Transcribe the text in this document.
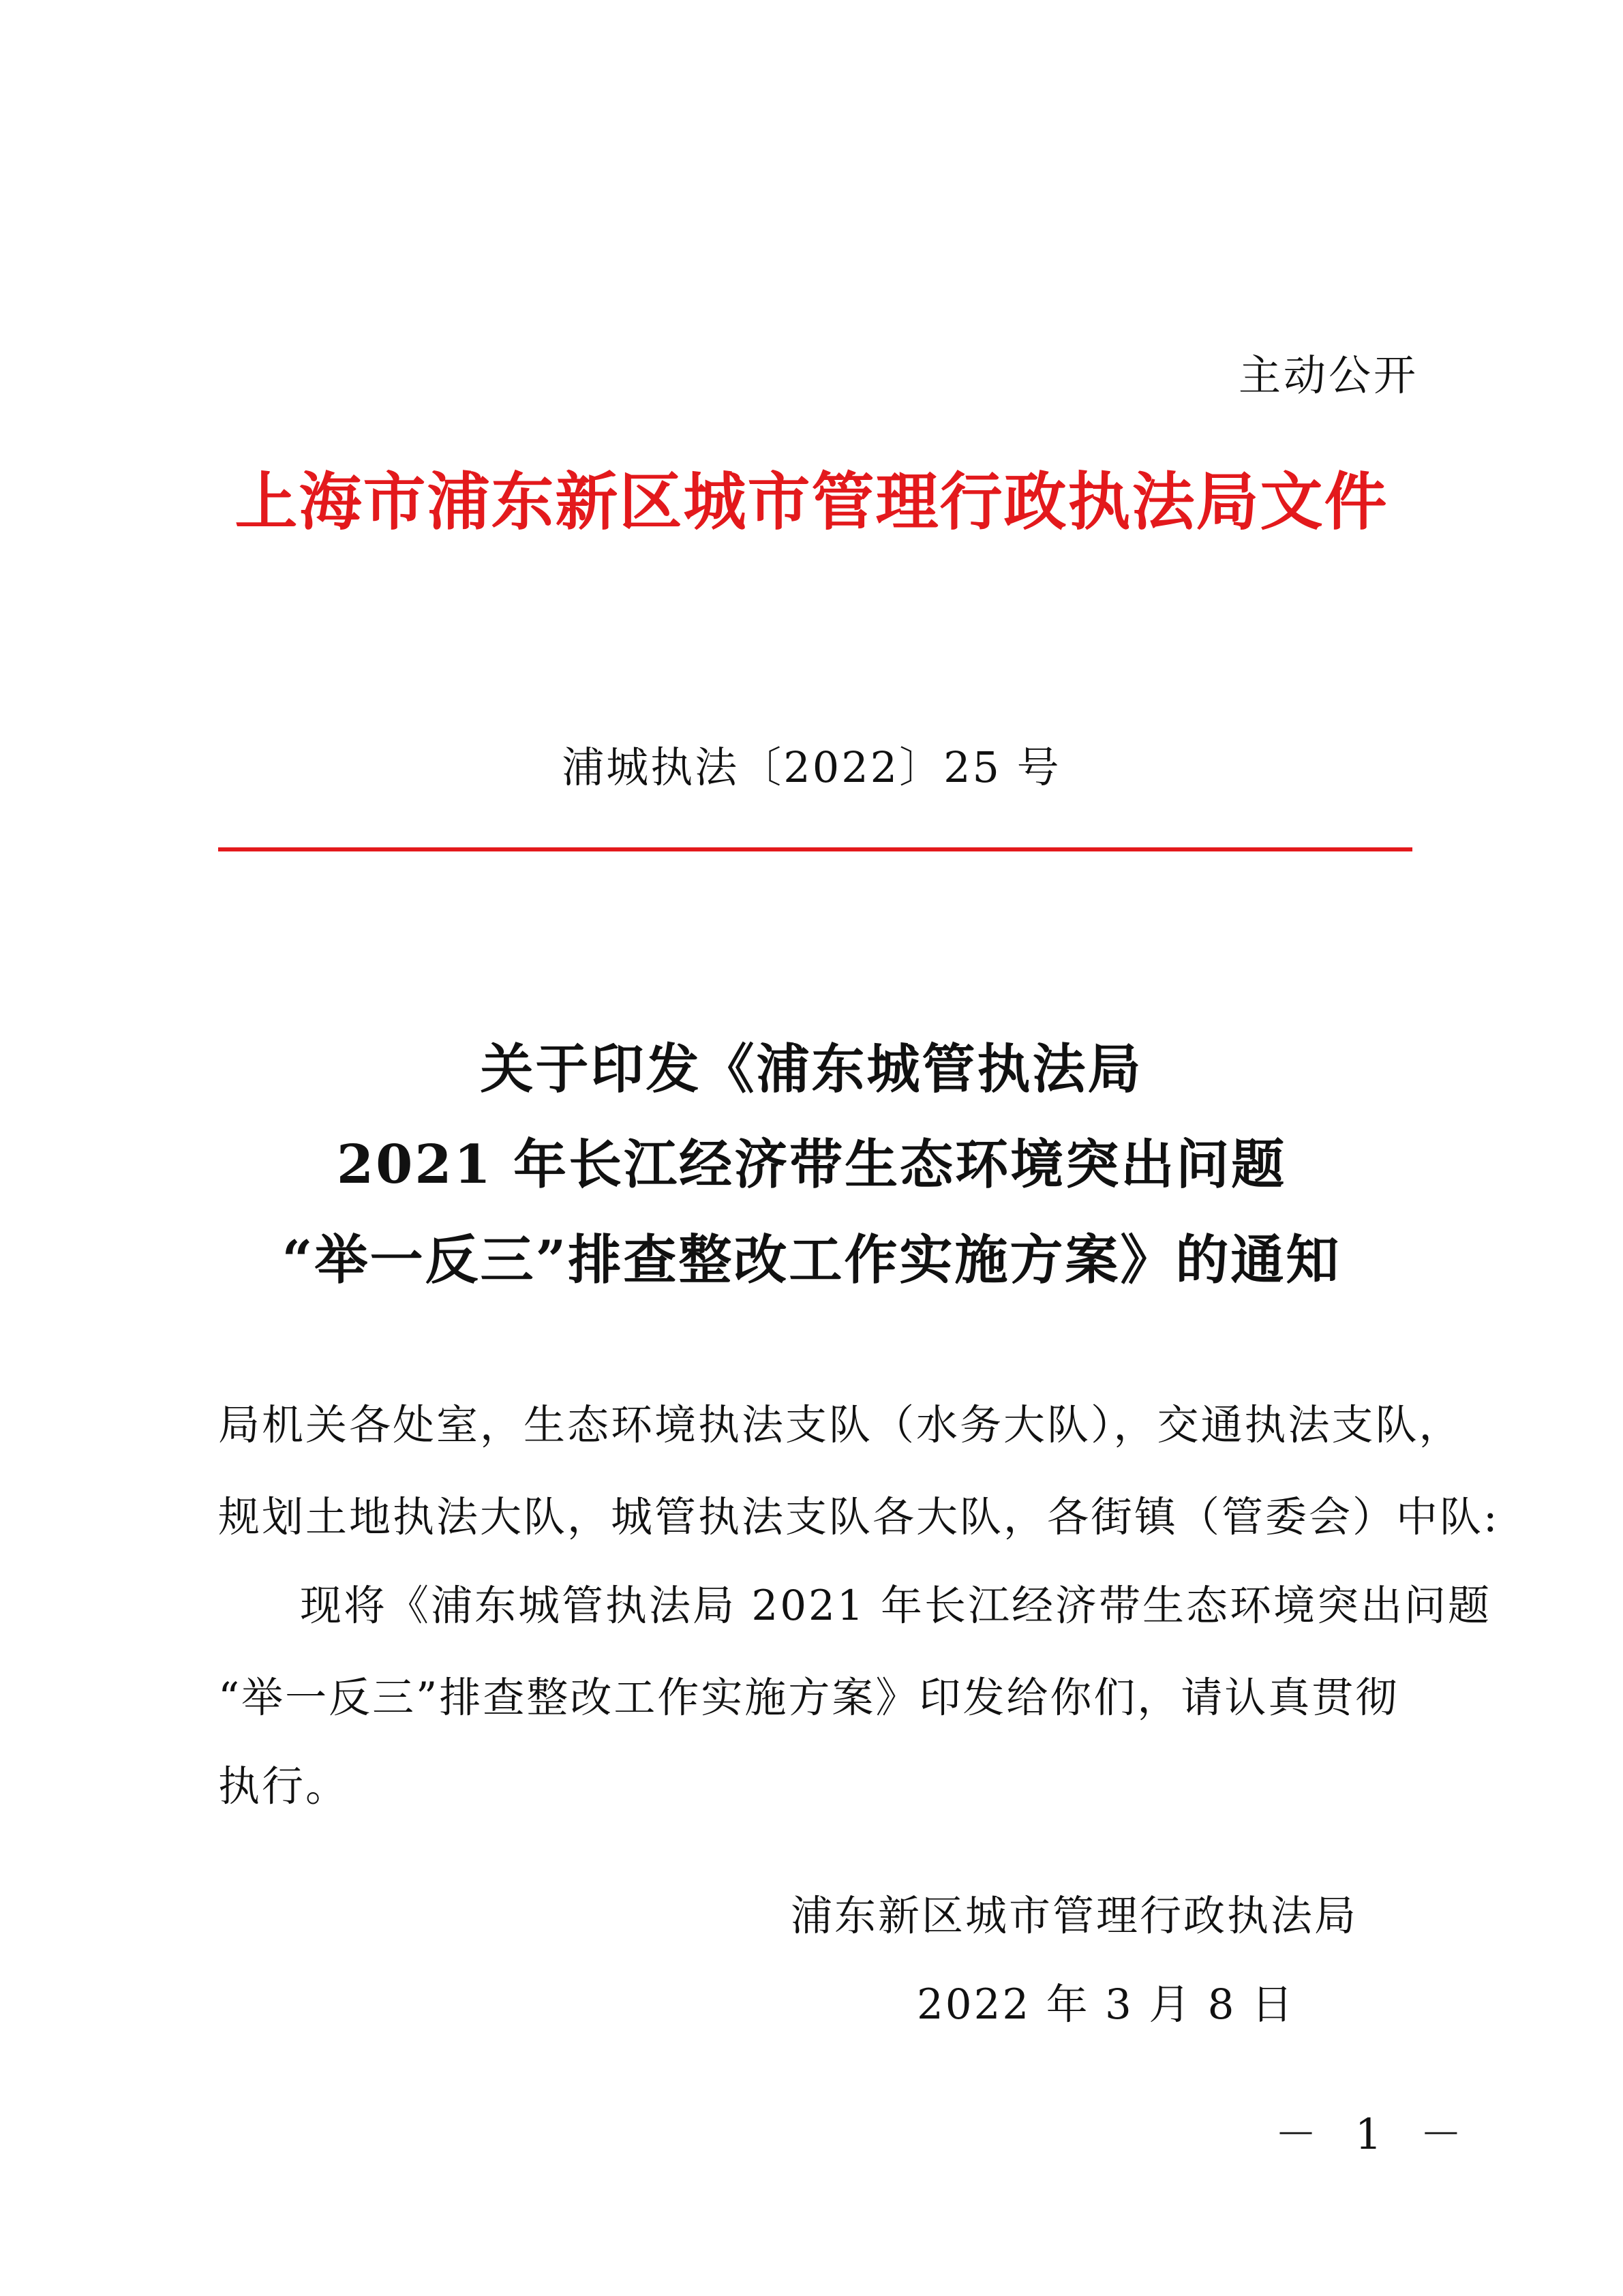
主动公开
上海市浦东新区城市管理行政执法局文件
浦城执法〔2022〕25 号
关于印发《浦东城管执法局
2021 年长江经济带生态环境突出问题
“举一反三”排查整改工作实施方案》的通知
局机关各处室，生态环境执法支队（水务大队），交通执法支队，
规划土地执法大队，城管执法支队各大队，各街镇（管委会）中队:
现将《浦东城管执法局 2021 年长江经济带生态环境突出问题
“举一反三”排查整改工作实施方案》印发给你们，请认真贯彻
执行。
浦东新区城市管理行政执法局
2022 年 3 月 8 日
－ 1 －
